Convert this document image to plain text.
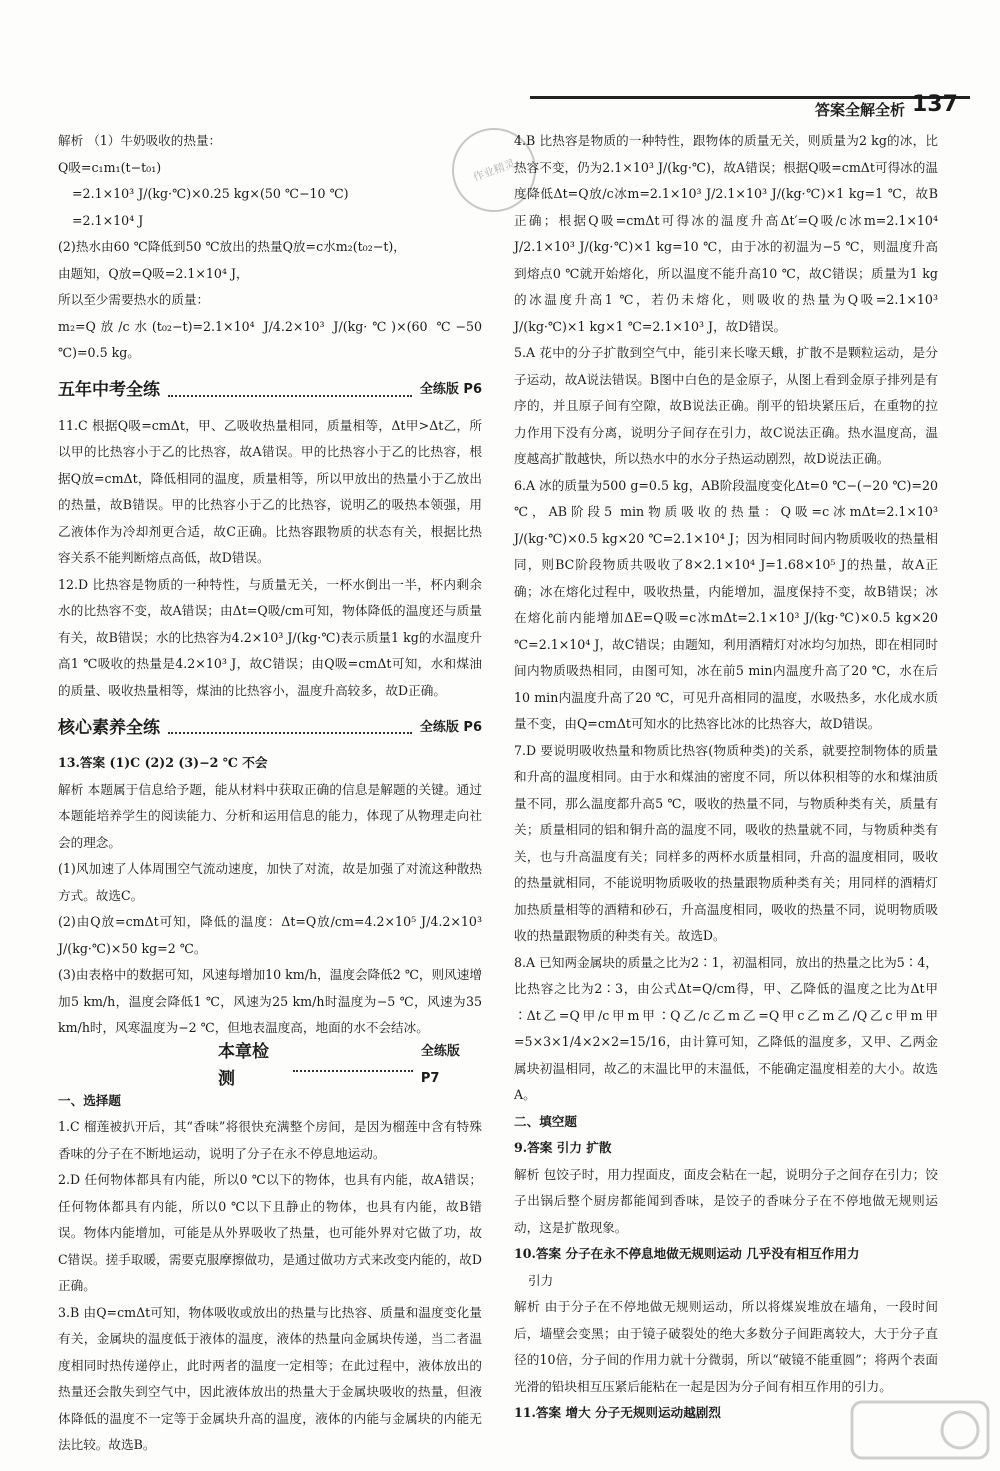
答案全解全析 137
作业精灵

解析 （1）牛奶吸收的热量：

Q吸=c₁m₁(t−t₀₁)

=2.1×10³ J/(kg·℃)×0.25 kg×(50 ℃−10 ℃)

=2.1×10⁴ J

(2)热水由60 ℃降低到50 ℃放出的热量Q放=c水m₂(t₀₂−t)，

由题知，Q放=Q吸=2.1×10⁴ J，

所以至少需要热水的质量：

m₂=Q放/c水(t₀₂−t)=2.1×10⁴ J/4.2×10³ J/(kg·℃)×(60 ℃−50 ℃)=0.5 kg。

五年中考全练	全练版 P6

11.C 根据Q吸=cmΔt，甲、乙吸收热量相同，质量相等，Δt甲>Δt乙，所以甲的比热容小于乙的比热容，故A错误。甲的比热容小于乙的比热容，根据Q放=cmΔt，降低相同的温度，质量相等，所以甲放出的热量小于乙放出的热量，故B错误。甲的比热容小于乙的比热容，说明乙的吸热本领强，用乙液体作为冷却剂更合适，故C正确。比热容跟物质的状态有关，根据比热容关系不能判断熔点高低，故D错误。

12.D 比热容是物质的一种特性，与质量无关，一杯水倒出一半，杯内剩余水的比热容不变，故A错误；由Δt=Q吸/cm可知，物体降低的温度还与质量有关，故B错误；水的比热容为4.2×10³ J/(kg·℃)表示质量1 kg的水温度升高1 ℃吸收的热量是4.2×10³ J，故C错误；由Q吸=cmΔt可知，水和煤油的质量、吸收热量相等，煤油的比热容小，温度升高较多，故D正确。

核心素养全练	全练版 P6

13.答案 (1)C (2)2 (3)−2 ℃ 不会

解析 本题属于信息给予题，能从材料中获取正确的信息是解题的关键。通过本题能培养学生的阅读能力、分析和运用信息的能力，体现了从物理走向社会的理念。

(1)风加速了人体周围空气流动速度，加快了对流，故是加强了对流这种散热方式。故选C。

(2)由Q放=cmΔt可知，降低的温度：Δt=Q放/cm=4.2×10⁵ J/4.2×10³ J/(kg·℃)×50 kg=2 ℃。

(3)由表格中的数据可知，风速每增加10 km/h，温度会降低2 ℃，则风速增加5 km/h，温度会降低1 ℃，风速为25 km/h时温度为−5 ℃，风速为35 km/h时，风寒温度为−2 ℃，但地表温度高，地面的水不会结冰。

本章检测
全练版 P7

一、选择题

1.C 榴莲被扒开后，其“香味”将很快充满整个房间，是因为榴莲中含有特殊香味的分子在不断地运动，说明了分子在永不停息地运动。

2.D 任何物体都具有内能，所以0 ℃以下的物体，也具有内能，故A错误；任何物体都具有内能，所以0 ℃以下且静止的物体，也具有内能，故B错误。物体内能增加，可能是从外界吸收了热量，也可能外界对它做了功，故C错误。搓手取暖，需要克服摩擦做功，是通过做功方式来改变内能的，故D正确。

3.B 由Q=cmΔt可知，物体吸收或放出的热量与比热容、质量和温度变化量有关，金属块的温度低于液体的温度，液体的热量向金属块传递，当二者温度相同时热传递停止，此时两者的温度一定相等；在此过程中，液体放出的热量还会散失到空气中，因此液体放出的热量大于金属块吸收的热量，但液体降低的温度不一定等于金属块升高的温度，液体的内能与金属块的内能无法比较。故选B。

4.B 比热容是物质的一种特性，跟物体的质量无关，则质量为2 kg的冰，比热容不变，仍为2.1×10³ J/(kg·℃)，故A错误；根据Q吸=cmΔt可得冰的温度降低Δt=Q放/c冰m=2.1×10³ J/2.1×10³ J/(kg·℃)×1 kg=1 ℃，故B正确；根据Q吸=cmΔt可得冰的温度升高Δt′=Q吸/c冰m=2.1×10⁴ J/2.1×10³ J/(kg·℃)×1 kg=10 ℃，由于冰的初温为−5 ℃，则温度升高到熔点0 ℃就开始熔化，所以温度不能升高10 ℃，故C错误；质量为1 kg的冰温度升高1 ℃，若仍未熔化，则吸收的热量为Q吸=2.1×10³ J/(kg·℃)×1 kg×1 ℃=2.1×10³ J，故D错误。

5.A 花中的分子扩散到空气中，能引来长喙天蛾，扩散不是颗粒运动，是分子运动，故A说法错误。B图中白色的是金原子，从图上看到金原子排列是有序的，并且原子间有空隙，故B说法正确。削平的铅块紧压后，在重物的拉力作用下没有分离，说明分子间存在引力，故C说法正确。热水温度高，温度越高扩散越快，所以热水中的水分子热运动剧烈，故D说法正确。

6.A 冰的质量为500 g=0.5 kg，AB阶段温度变化Δt=0 ℃−(−20 ℃)=20 ℃，AB阶段5 min物质吸收的热量：Q吸=c冰mΔt=2.1×10³ J/(kg·℃)×0.5 kg×20 ℃=2.1×10⁴ J；因为相同时间内物质吸收的热量相同，则BC阶段物质共吸收了8×2.1×10⁴ J=1.68×10⁵ J的热量，故A正确；冰在熔化过程中，吸收热量，内能增加，温度保持不变，故B错误；冰在熔化前内能增加ΔE=Q吸=c冰mΔt=2.1×10³ J/(kg·℃)×0.5 kg×20 ℃=2.1×10⁴ J，故C错误；由题知，利用酒精灯对冰均匀加热，即在相同时间内物质吸热相同，由图可知，冰在前5 min内温度升高了20 ℃，水在后10 min内温度升高了20 ℃，可见升高相同的温度，水吸热多，水化成水质量不变，由Q=cmΔt可知水的比热容比冰的比热容大，故D错误。

7.D 要说明吸收热量和物质比热容(物质种类)的关系，就要控制物体的质量和升高的温度相同。由于水和煤油的密度不同，所以体积相等的水和煤油质量不同，那么温度都升高5 ℃，吸收的热量不同，与物质种类有关，质量有关；质量相同的铝和铜升高的温度不同，吸收的热量就不同，与物质种类有关，也与升高温度有关；同样多的两杯水质量相同，升高的温度相同，吸收的热量就相同，不能说明物质吸收的热量跟物质种类有关；用同样的酒精灯加热质量相等的酒精和砂石，升高温度相同，吸收的热量不同，说明物质吸收的热量跟物质的种类有关。故选D。

8.A 已知两金属块的质量之比为2∶1，初温相同，放出的热量之比为5∶4，比热容之比为2∶3，由公式Δt=Q/cm得，甲、乙降低的温度之比为Δt甲∶Δt乙=Q甲/c甲m甲∶Q乙/c乙m乙=Q甲c乙m乙/Q乙c甲m甲=5×3×1/4×2×2=15/16，由计算可知，乙降低的温度多，又甲、乙两金属块初温相同，故乙的末温比甲的末温低，不能确定温度相差的大小。故选A。

二、填空题

9.答案 引力 扩散

解析 包饺子时，用力捏面皮，面皮会粘在一起，说明分子之间存在引力；饺子出锅后整个厨房都能闻到香味，是饺子的香味分子在不停地做无规则运动，这是扩散现象。

10.答案 分子在永不停息地做无规则运动 几乎没有相互作用力

引力

解析 由于分子在不停地做无规则运动，所以将煤炭堆放在墙角，一段时间后，墙壁会变黑；由于镜子破裂处的绝大多数分子间距离较大，大于分子直径的10倍，分子间的作用力就十分微弱，所以“破镜不能重圆”；将两个表面光滑的铅块相互压紧后能粘在一起是因为分子间有相互作用的引力。

11.答案 增大 分子无规则运动越剧烈
